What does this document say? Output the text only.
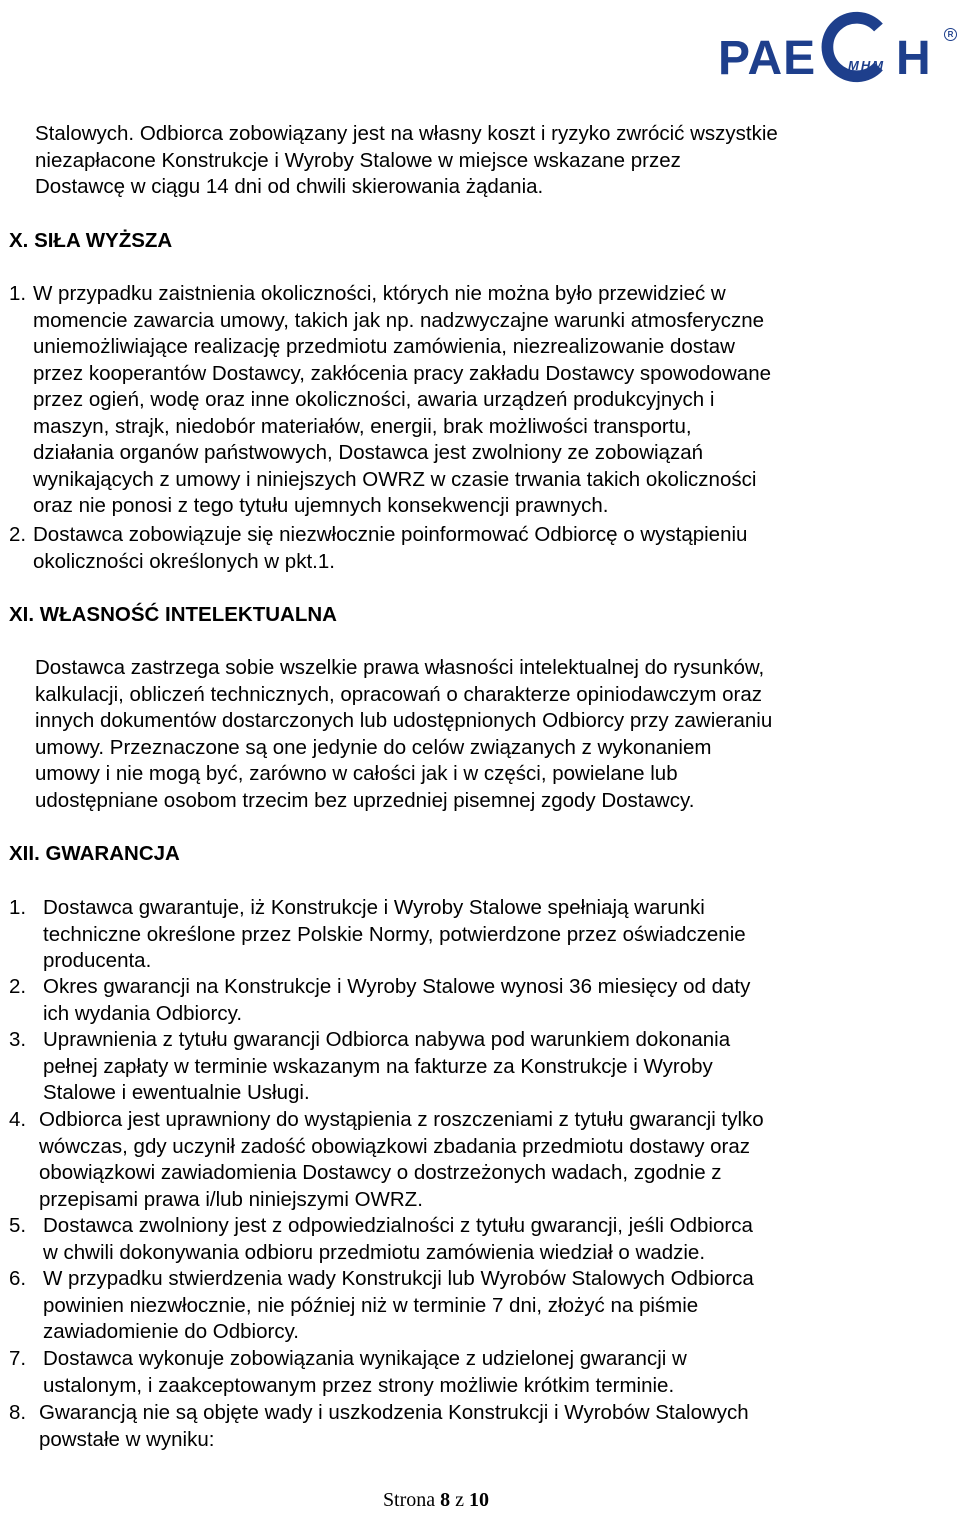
PAE H
MHM
R
Stalowych. Odbiorca zobowiązany jest na własny koszt i ryzyko zwrócić wszystkie
niezapłacone Konstrukcje i Wyroby Stalowe w miejsce wskazane przez
Dostawcę w ciągu 14 dni od chwili skierowania żądania.
X. SIŁA WYŻSZA
1. W przypadku zaistnienia okoliczności, których nie można było przewidzieć w
momencie zawarcia umowy, takich jak np. nadzwyczajne warunki atmosferyczne
uniemożliwiające realizację przedmiotu zamówienia, niezrealizowanie dostaw
przez kooperantów Dostawcy, zakłócenia pracy zakładu Dostawcy spowodowane
przez ogień, wodę oraz inne okoliczności, awaria urządzeń produkcyjnych i
maszyn, strajk, niedobór materiałów, energii, brak możliwości transportu,
działania organów państwowych, Dostawca jest zwolniony ze zobowiązań
wynikających z umowy i niniejszych OWRZ w czasie trwania takich okoliczności
oraz nie ponosi z tego tytułu ujemnych konsekwencji prawnych.
2. Dostawca zobowiązuje się niezwłocznie poinformować Odbiorcę o wystąpieniu
okoliczności określonych w pkt.1.
XI. WŁASNOŚĆ INTELEKTUALNA
Dostawca zastrzega sobie wszelkie prawa własności intelektualnej do rysunków,
kalkulacji, obliczeń technicznych, opracowań o charakterze opiniodawczym oraz
innych dokumentów dostarczonych lub udostępnionych Odbiorcy przy zawieraniu
umowy. Przeznaczone są one jedynie do celów związanych z wykonaniem
umowy i nie mogą być, zarówno w całości jak i w części, powielane lub
udostępniane osobom trzecim bez uprzedniej pisemnej zgody Dostawcy.
XII. GWARANCJA
1. Dostawca gwarantuje, iż Konstrukcje i Wyroby Stalowe spełniają warunki
techniczne określone przez Polskie Normy, potwierdzone przez oświadczenie
producenta.
2. Okres gwarancji na Konstrukcje i Wyroby Stalowe wynosi 36 miesięcy od daty
ich wydania Odbiorcy.
3. Uprawnienia z tytułu gwarancji Odbiorca nabywa pod warunkiem dokonania
pełnej zapłaty w terminie wskazanym na fakturze za Konstrukcje i Wyroby
Stalowe i ewentualnie Usługi.
4. Odbiorca jest uprawniony do wystąpienia z roszczeniami z tytułu gwarancji tylko
wówczas, gdy uczynił zadość obowiązkowi zbadania przedmiotu dostawy oraz
obowiązkowi zawiadomienia Dostawcy o dostrzeżonych wadach, zgodnie z
przepisami prawa i/lub niniejszymi OWRZ.
5. Dostawca zwolniony jest z odpowiedzialności z tytułu gwarancji, jeśli Odbiorca
w chwili dokonywania odbioru przedmiotu zamówienia wiedział o wadzie.
6. W przypadku stwierdzenia wady Konstrukcji lub Wyrobów Stalowych Odbiorca
powinien niezwłocznie, nie później niż w terminie 7 dni, złożyć na piśmie
zawiadomienie do Odbiorcy.
7. Dostawca wykonuje zobowiązania wynikające z udzielonej gwarancji w
ustalonym, i zaakceptowanym przez strony możliwie krótkim terminie.
8. Gwarancją nie są objęte wady i uszkodzenia Konstrukcji i Wyrobów Stalowych
powstałe w wyniku:
Strona 8 z 10
